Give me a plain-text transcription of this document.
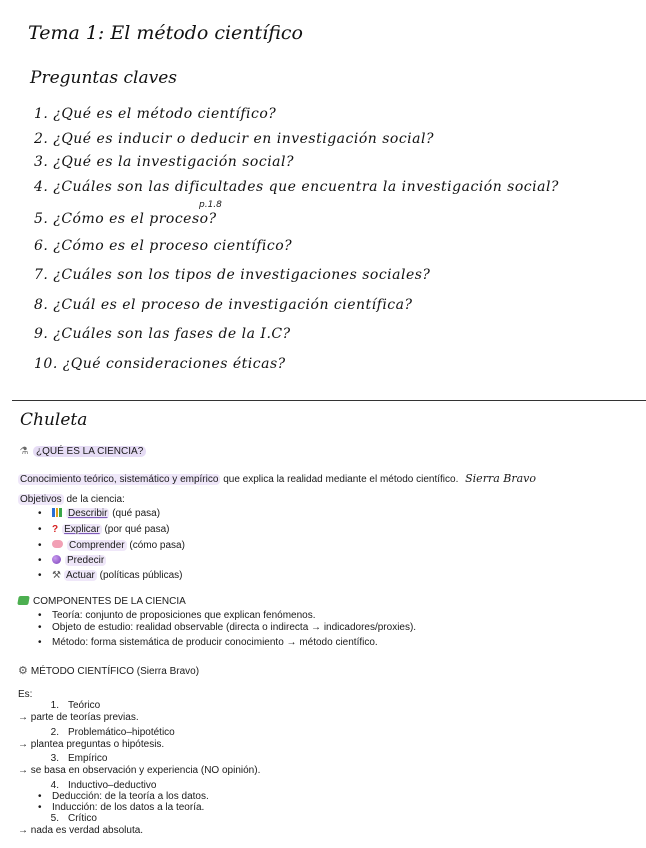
Tema 1: El método científico
Preguntas claves
1. ¿Qué es el método científico?
2. ¿Qué es inducir o deducir en investigación social?
3. ¿Qué es la investigación social?
4. ¿Cuáles son las dificultades que encuentra la investigación social?
p.1.8
5. ¿Cómo es el proceso?
6. ¿Cómo es el proceso científico?
7. ¿Cuáles son los tipos de investigaciones sociales?
8. ¿Cuál es el proceso de investigación científica?
9. ¿Cuáles son las fases de la I.C?
10. ¿Qué consideraciones éticas?
Chuleta
⚗¿QUÉ ES LA CIENCIA?
Conocimiento teórico, sistemático y empírico que explica la realidad mediante el método científico. Sierra Bravo
Objetivos de la ciencia:
•	Describir (qué pasa)
• ? Explicar (por qué pasa)
•	Comprender (cómo pasa)
•	Predecir
•⚒ Actuar (políticas públicas)
COMPONENTES DE LA CIENCIA
• Teoría: conjunto de proposiciones que explican fenómenos.
• Objeto de estudio: realidad observable (directa o indirecta → indicadores/proxies).
• Método: forma sistemática de producir conocimiento → método científico.
⚙ MÉTODO CIENTÍFICO (Sierra Bravo)
Es:
1. Teórico
→ parte de teorías previas.
2. Problemático–hipotético
→ plantea preguntas o hipótesis.
3. Empírico
→ se basa en observación y experiencia (NO opinión).
4. Inductivo–deductivo
• Deducción: de la teoría a los datos.
• Inducción: de los datos a la teoría.
5. Crítico
→ nada es verdad absoluta.
